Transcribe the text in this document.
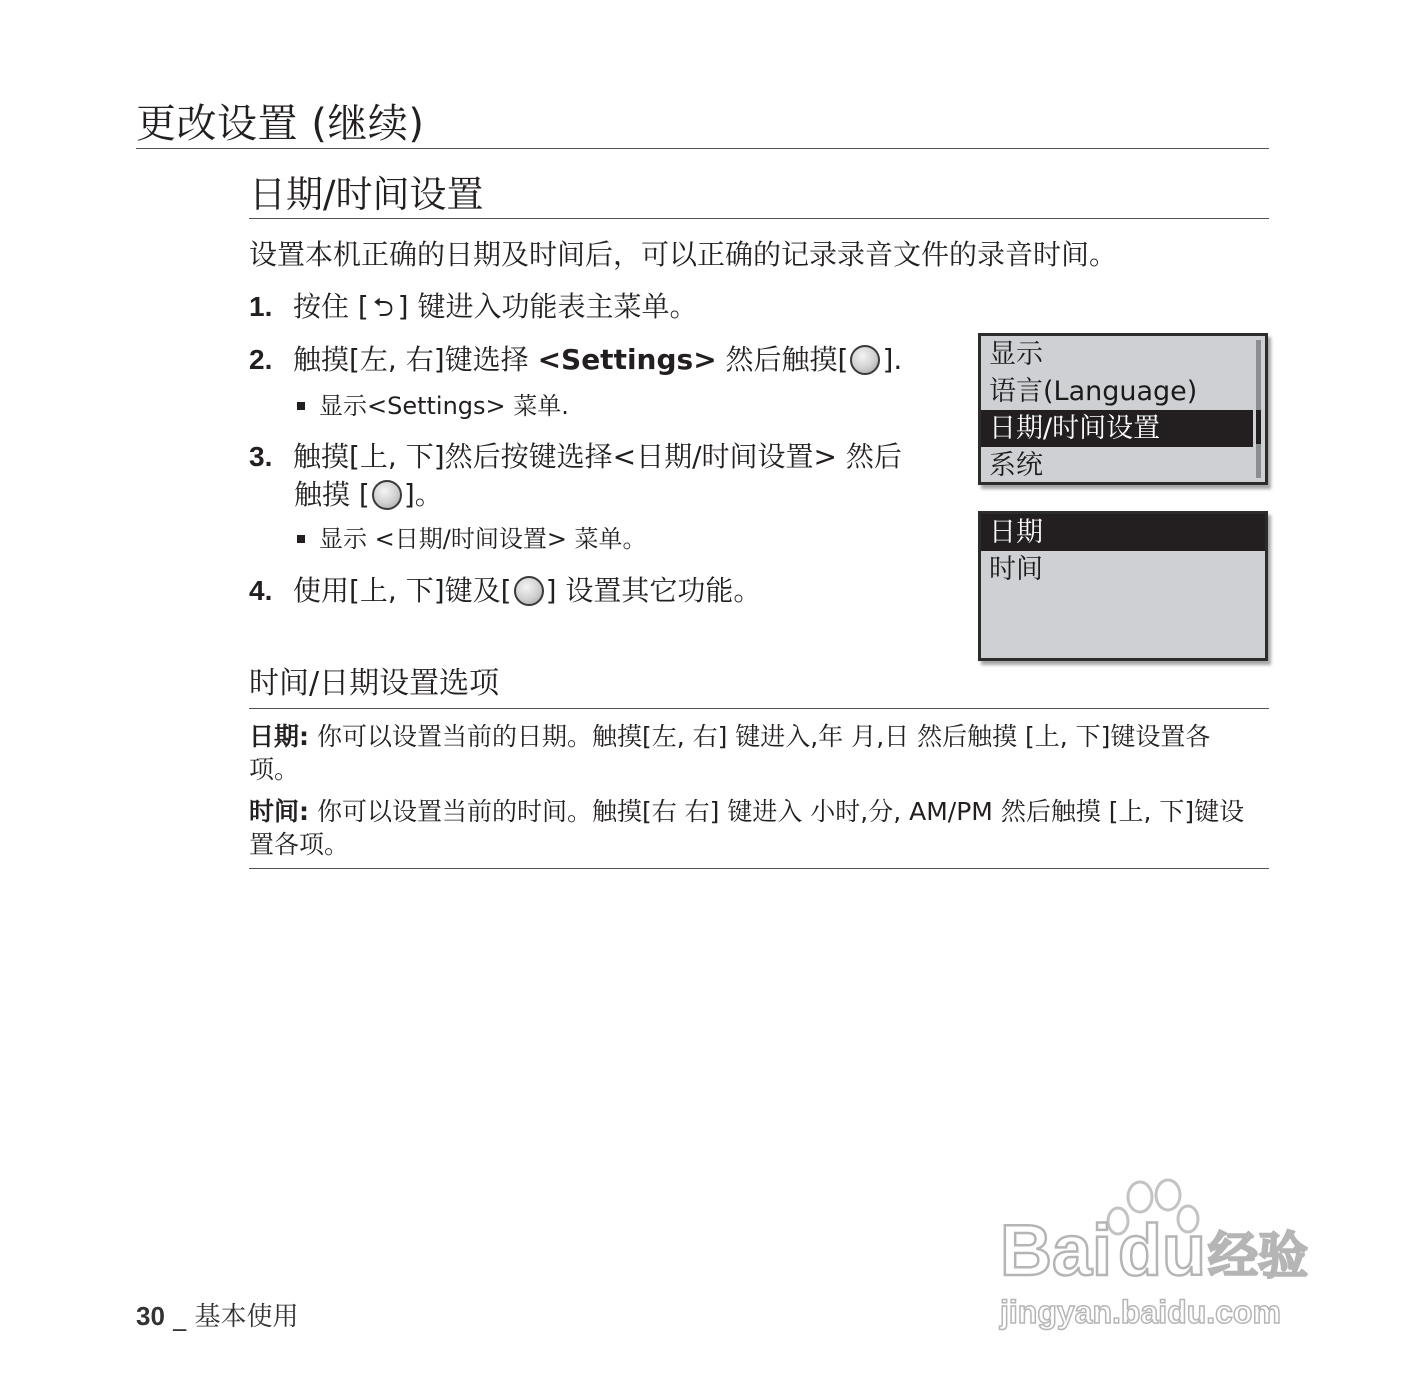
更改设置 (继续)
日期/时间设置
设置本机正确的日期及时间后，可以正确的记录录音文件的录音时间。
1. 按住 [ ⮌ ] 键进入功能表主菜单。
2. 触摸[左, 右]键选择 <Settings> 然后触摸[ ].
显示<Settings> 菜单.
3. 触摸[上, 下]然后按键选择<日期/时间设置> 然后
触摸 [ ]。
显示 <日期/时间设置> 菜单。
4. 使用[上, 下]键及[ ] 设置其它功能。
显示
语言(Language)
日期/时间设置
系统
日期
时间
时间/日期设置选项
日期: 你可以设置当前的日期。触摸[左, 右] 键进入,年 月,日 然后触摸 [上, 下]键设置各项。
时间: 你可以设置当前的时间。触摸[右 右] 键进入 小时,分, AM/PM 然后触摸 [上, 下]键设置各项。
30 _ 基本使用
Bai du 经验
jingyan.baidu.com
